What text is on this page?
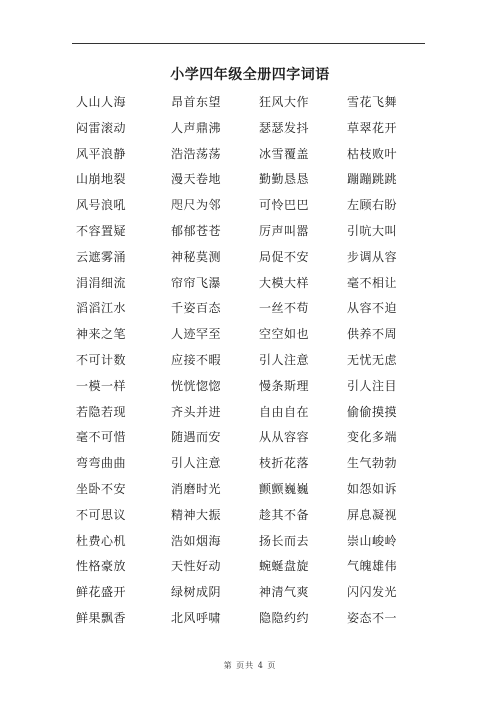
小学四年级全册四字词语
人山人海	昂首东望	狂风大作	雪花飞舞
闷雷滚动	人声鼎沸	瑟瑟发抖	草翠花开
风平浪静	浩浩荡荡	冰雪覆盖	枯枝败叶
山崩地裂	漫天卷地	勤勤恳恳	蹦蹦跳跳
风号浪吼	咫尺为邻	可怜巴巴	左顾右盼
不容置疑	郁郁苍苍	厉声叫嚣	引吭大叫
云遮雾涌	神秘莫测	局促不安	步调从容
涓涓细流	帘帘飞瀑	大模大样	毫不相让
滔滔江水	千姿百态	一丝不苟	从容不迫
神来之笔	人迹罕至	空空如也	供养不周
不可计数	应接不暇	引人注意	无忧无虑
一模一样	恍恍惚惚	慢条斯理	引人注目
若隐若现	齐头并进	自由自在	偷偷摸摸
毫不可惜	随遇而安	从从容容	变化多端
弯弯曲曲	引人注意	枝折花落	生气勃勃
坐卧不安	消磨时光	颤颤巍巍	如怨如诉
不可思议	精神大振	趁其不备	屏息凝视
杜费心机	浩如烟海	扬长而去	崇山峻岭
性格豪放	天性好动	蜿蜒盘旋	气魄雄伟
鲜花盛开	绿树成阴	神清气爽	闪闪发光
鲜果飘香	北风呼啸	隐隐约约	姿态不一
第 页共 4 页
